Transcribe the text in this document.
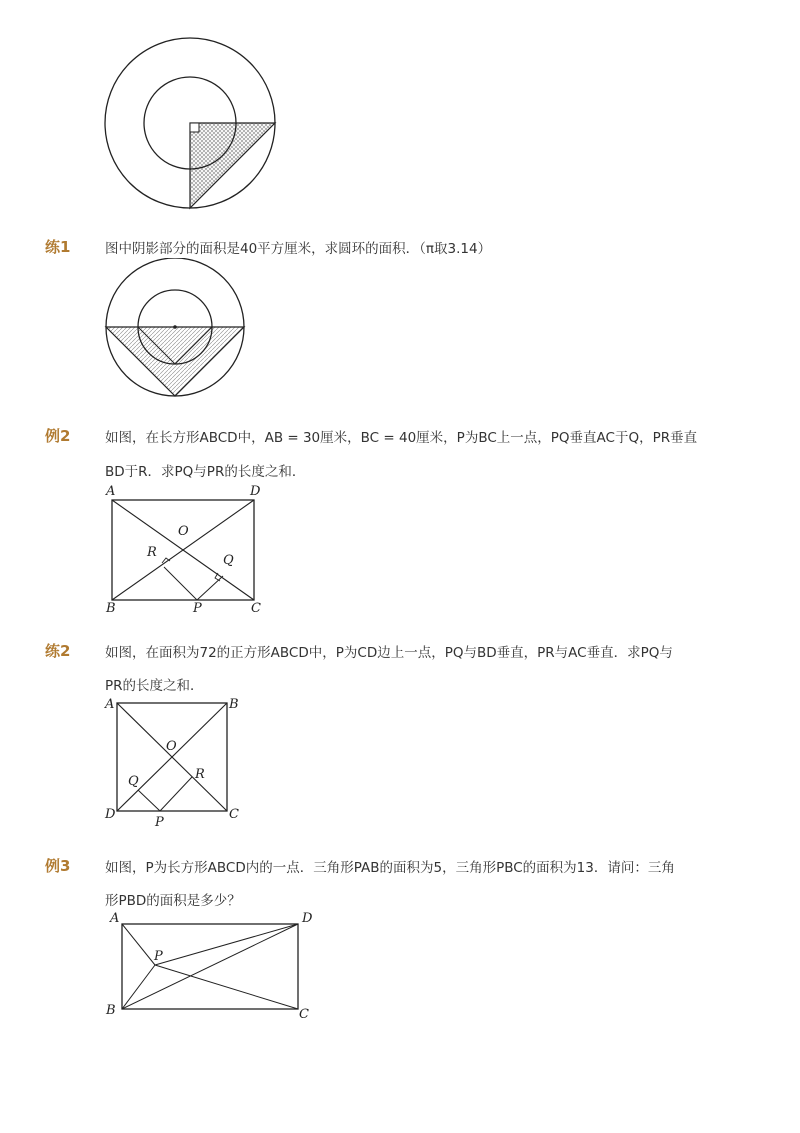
练1	图中阴影部分的面积是40平方厘米，求圆环的面积．（π取3.14）
例2	如图，在长方形ABCD中，AB = 30厘米，BC = 40厘米，P为BC上一点，PQ垂直AC于Q，PR垂直
BD于R．求PQ与PR的长度之和．
A	D
O
R
Q
B	P	C
练2	如图，在面积为72的正方形ABCD中，P为CD边上一点，PQ与BD垂直，PR与AC垂直．求PQ与
PR的长度之和．
A	B
O
Q	R
D
P
C
例3	如图，P为长方形ABCD内的一点．三角形PAB的面积为5，三角形PBC的面积为13．请问：三角
形PBD的面积是多少？
A	D
P
B	C
